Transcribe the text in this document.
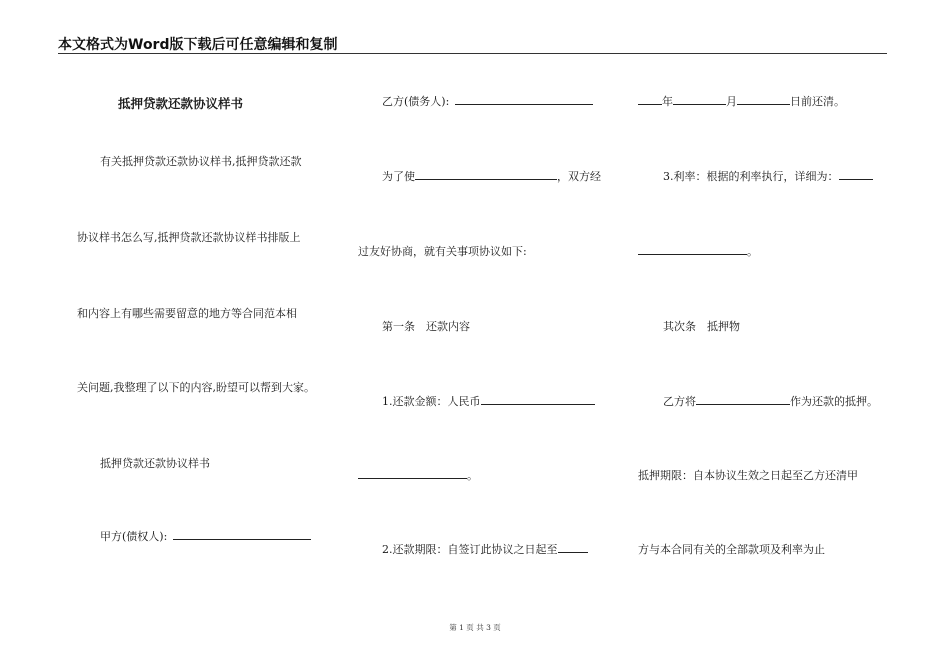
本文格式为Word版下载后可任意编辑和复制
抵押贷款还款协议样书
有关抵押贷款还款协议样书,抵押贷款还款
协议样书怎么写,抵押贷款还款协议样书排版上
和内容上有哪些需要留意的地方等合同范本相
关问题,我整理了以下的内容,盼望可以帮到大家。
抵押贷款还款协议样书
甲方(债权人):
乙方(债务人):
为了使	，双方经
过友好协商，就有关事项协议如下:
第一条　还款内容
1.还款金额：人民币
。
2.还款期限：自签订此协议之日起至
年	月	日前还清。
3.利率：根据的利率执行，详细为：
。
其次条　抵押物
乙方将	作为还款的抵押。
抵押期限：自本协议生效之日起至乙方还清甲
方与本合同有关的全部款项及利率为止
第 1 页 共 3 页
